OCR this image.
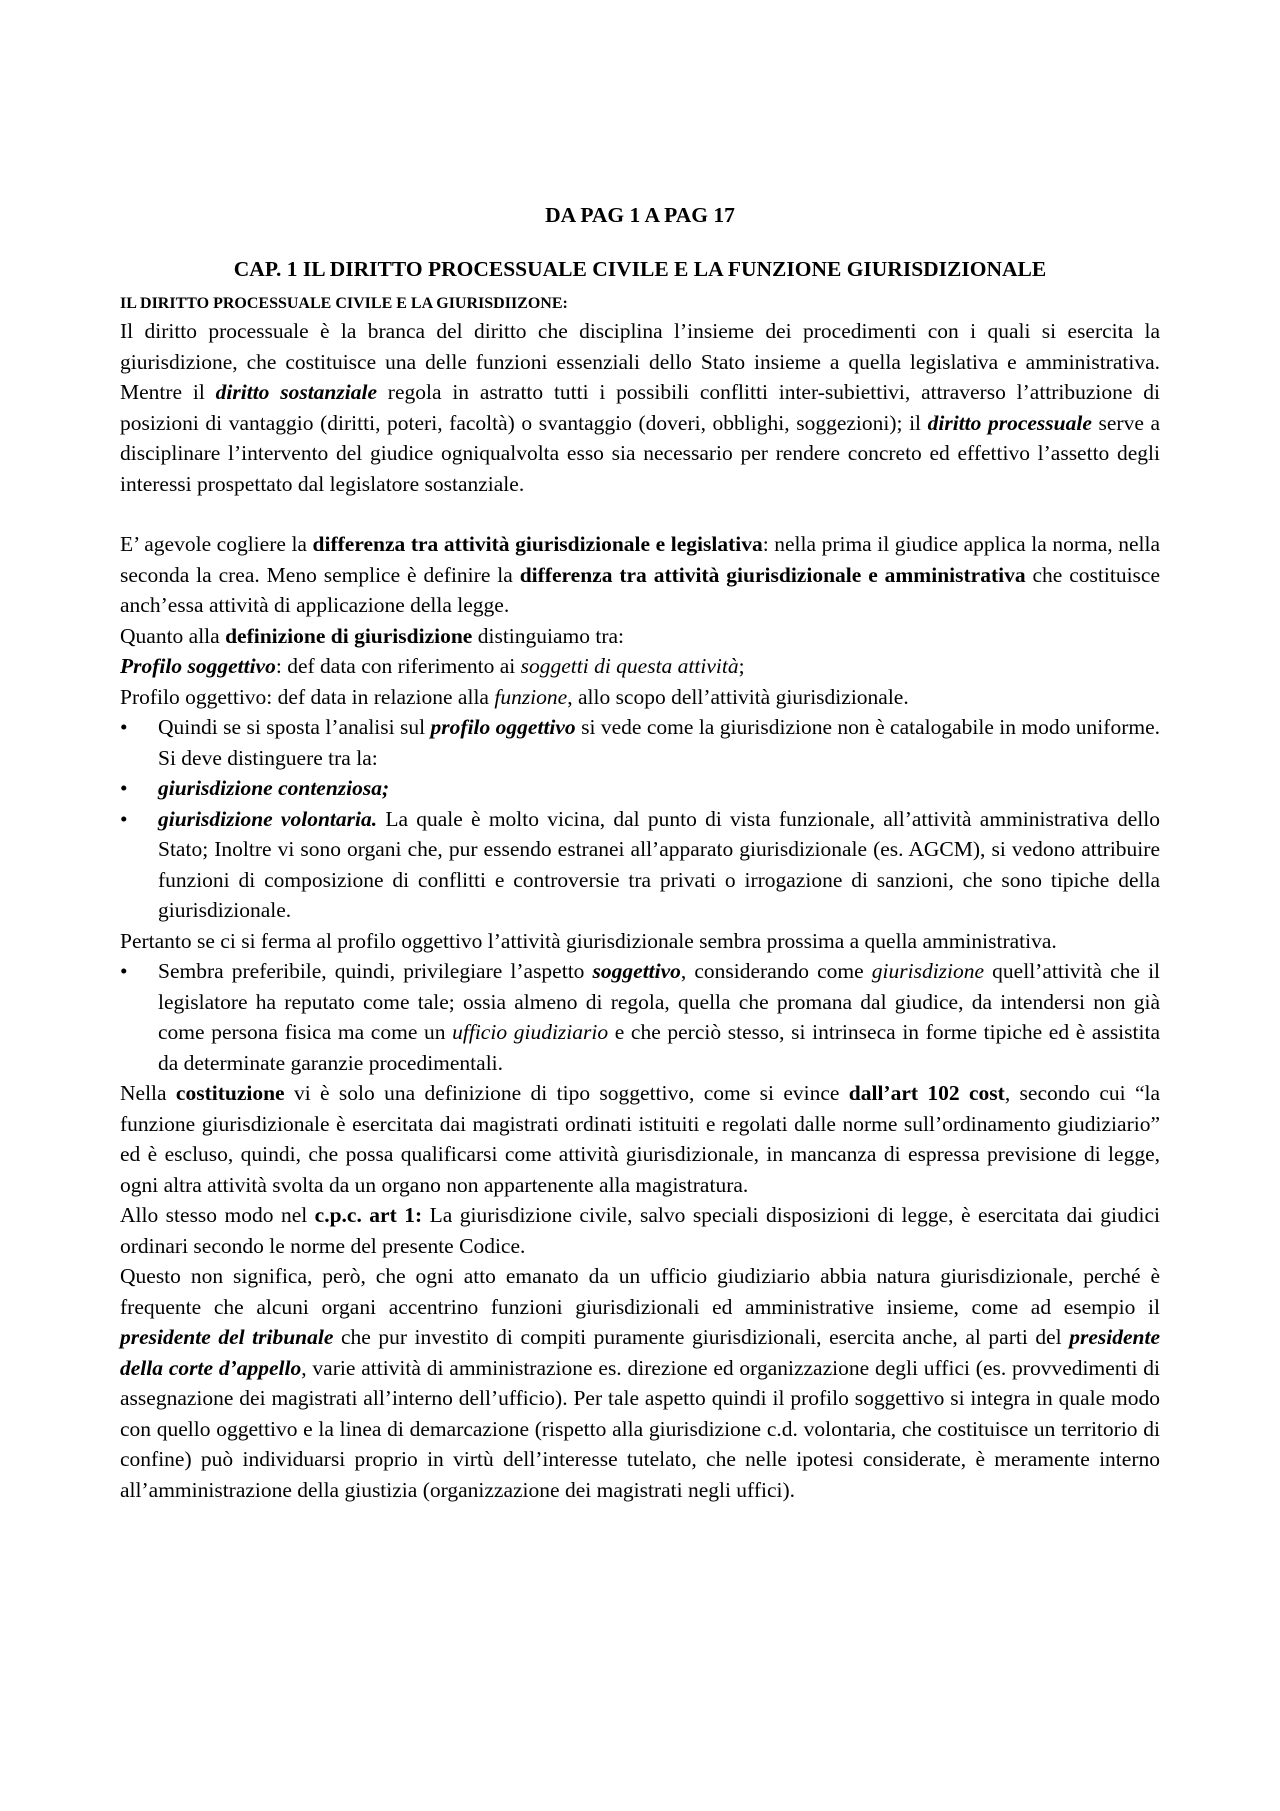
DA PAG 1 A PAG 17
CAP. 1 IL DIRITTO PROCESSUALE CIVILE E LA FUNZIONE GIURISDIZIONALE
IL DIRITTO PROCESSUALE CIVILE E LA GIURISDIIZONE:

Il diritto processuale è la branca del diritto che disciplina l’insieme dei procedimenti con i quali si esercita la giurisdizione, che costituisce una delle funzioni essenziali dello Stato insieme a quella legislativa e amministrativa. Mentre il diritto sostanziale regola in astratto tutti i possibili conflitti inter-subiettivi, attraverso l’attribuzione di posizioni di vantaggio (diritti, poteri, facoltà) o svantaggio (doveri, obblighi, soggezioni); il diritto processuale serve a disciplinare l’intervento del giudice ogniqualvolta esso sia necessario per rendere concreto ed effettivo l’assetto degli interessi prospettato dal legislatore sostanziale.

E’ agevole cogliere la differenza tra attività giurisdizionale e legislativa: nella prima il giudice applica la norma, nella seconda la crea. Meno semplice è definire la differenza tra attività giurisdizionale e amministrativa che costituisce anch’essa attività di applicazione della legge.

Quanto alla definizione di giurisdizione distinguiamo tra:

Profilo soggettivo: def data con riferimento ai soggetti di questa attività;

Profilo oggettivo: def data in relazione alla funzione, allo scopo dell’attività giurisdizionale.

• Quindi se si sposta l’analisi sul profilo oggettivo si vede come la giurisdizione non è catalogabile in modo uniforme. Si deve distinguere tra la:
• giurisdizione contenziosa;
• giurisdizione volontaria. La quale è molto vicina, dal punto di vista funzionale, all’attività amministrativa dello Stato; Inoltre vi sono organi che, pur essendo estranei all’apparato giurisdizionale (es. AGCM), si vedono attribuire funzioni di composizione di conflitti e controversie tra privati o irrogazione di sanzioni, che sono tipiche della giurisdizionale.

Pertanto se ci si ferma al profilo oggettivo l’attività giurisdizionale sembra prossima a quella amministrativa.

• Sembra preferibile, quindi, privilegiare l’aspetto soggettivo, considerando come giurisdizione quell’attività che il legislatore ha reputato come tale; ossia almeno di regola, quella che promana dal giudice, da intendersi non già come persona fisica ma come un ufficio giudiziario e che perciò stesso, si intrinseca in forme tipiche ed è assistita da determinate garanzie procedimentali.

Nella costituzione vi è solo una definizione di tipo soggettivo, come si evince dall’art 102 cost, secondo cui “la funzione giurisdizionale è esercitata dai magistrati ordinati istituiti e regolati dalle norme sull’ordinamento giudiziario” ed è escluso, quindi, che possa qualificarsi come attività giurisdizionale, in mancanza di espressa previsione di legge, ogni altra attività svolta da un organo non appartenente alla magistratura.

Allo stesso modo nel c.p.c. art 1: La giurisdizione civile, salvo speciali disposizioni di legge, è esercitata dai giudici ordinari secondo le norme del presente Codice.

Questo non significa, però, che ogni atto emanato da un ufficio giudiziario abbia natura giurisdizionale, perché è frequente che alcuni organi accentrino funzioni giurisdizionali ed amministrative insieme, come ad esempio il presidente del tribunale che pur investito di compiti puramente giurisdizionali, esercita anche, al parti del presidente della corte d’appello, varie attività di amministrazione es. direzione ed organizzazione degli uffici (es. provvedimenti di assegnazione dei magistrati all’interno dell’ufficio). Per tale aspetto quindi il profilo soggettivo si integra in quale modo con quello oggettivo e la linea di demarcazione (rispetto alla giurisdizione c.d. volontaria, che costituisce un territorio di confine) può individuarsi proprio in virtù dell’interesse tutelato, che nelle ipotesi considerate, è meramente interno all’amministrazione della giustizia (organizzazione dei magistrati negli uffici).
